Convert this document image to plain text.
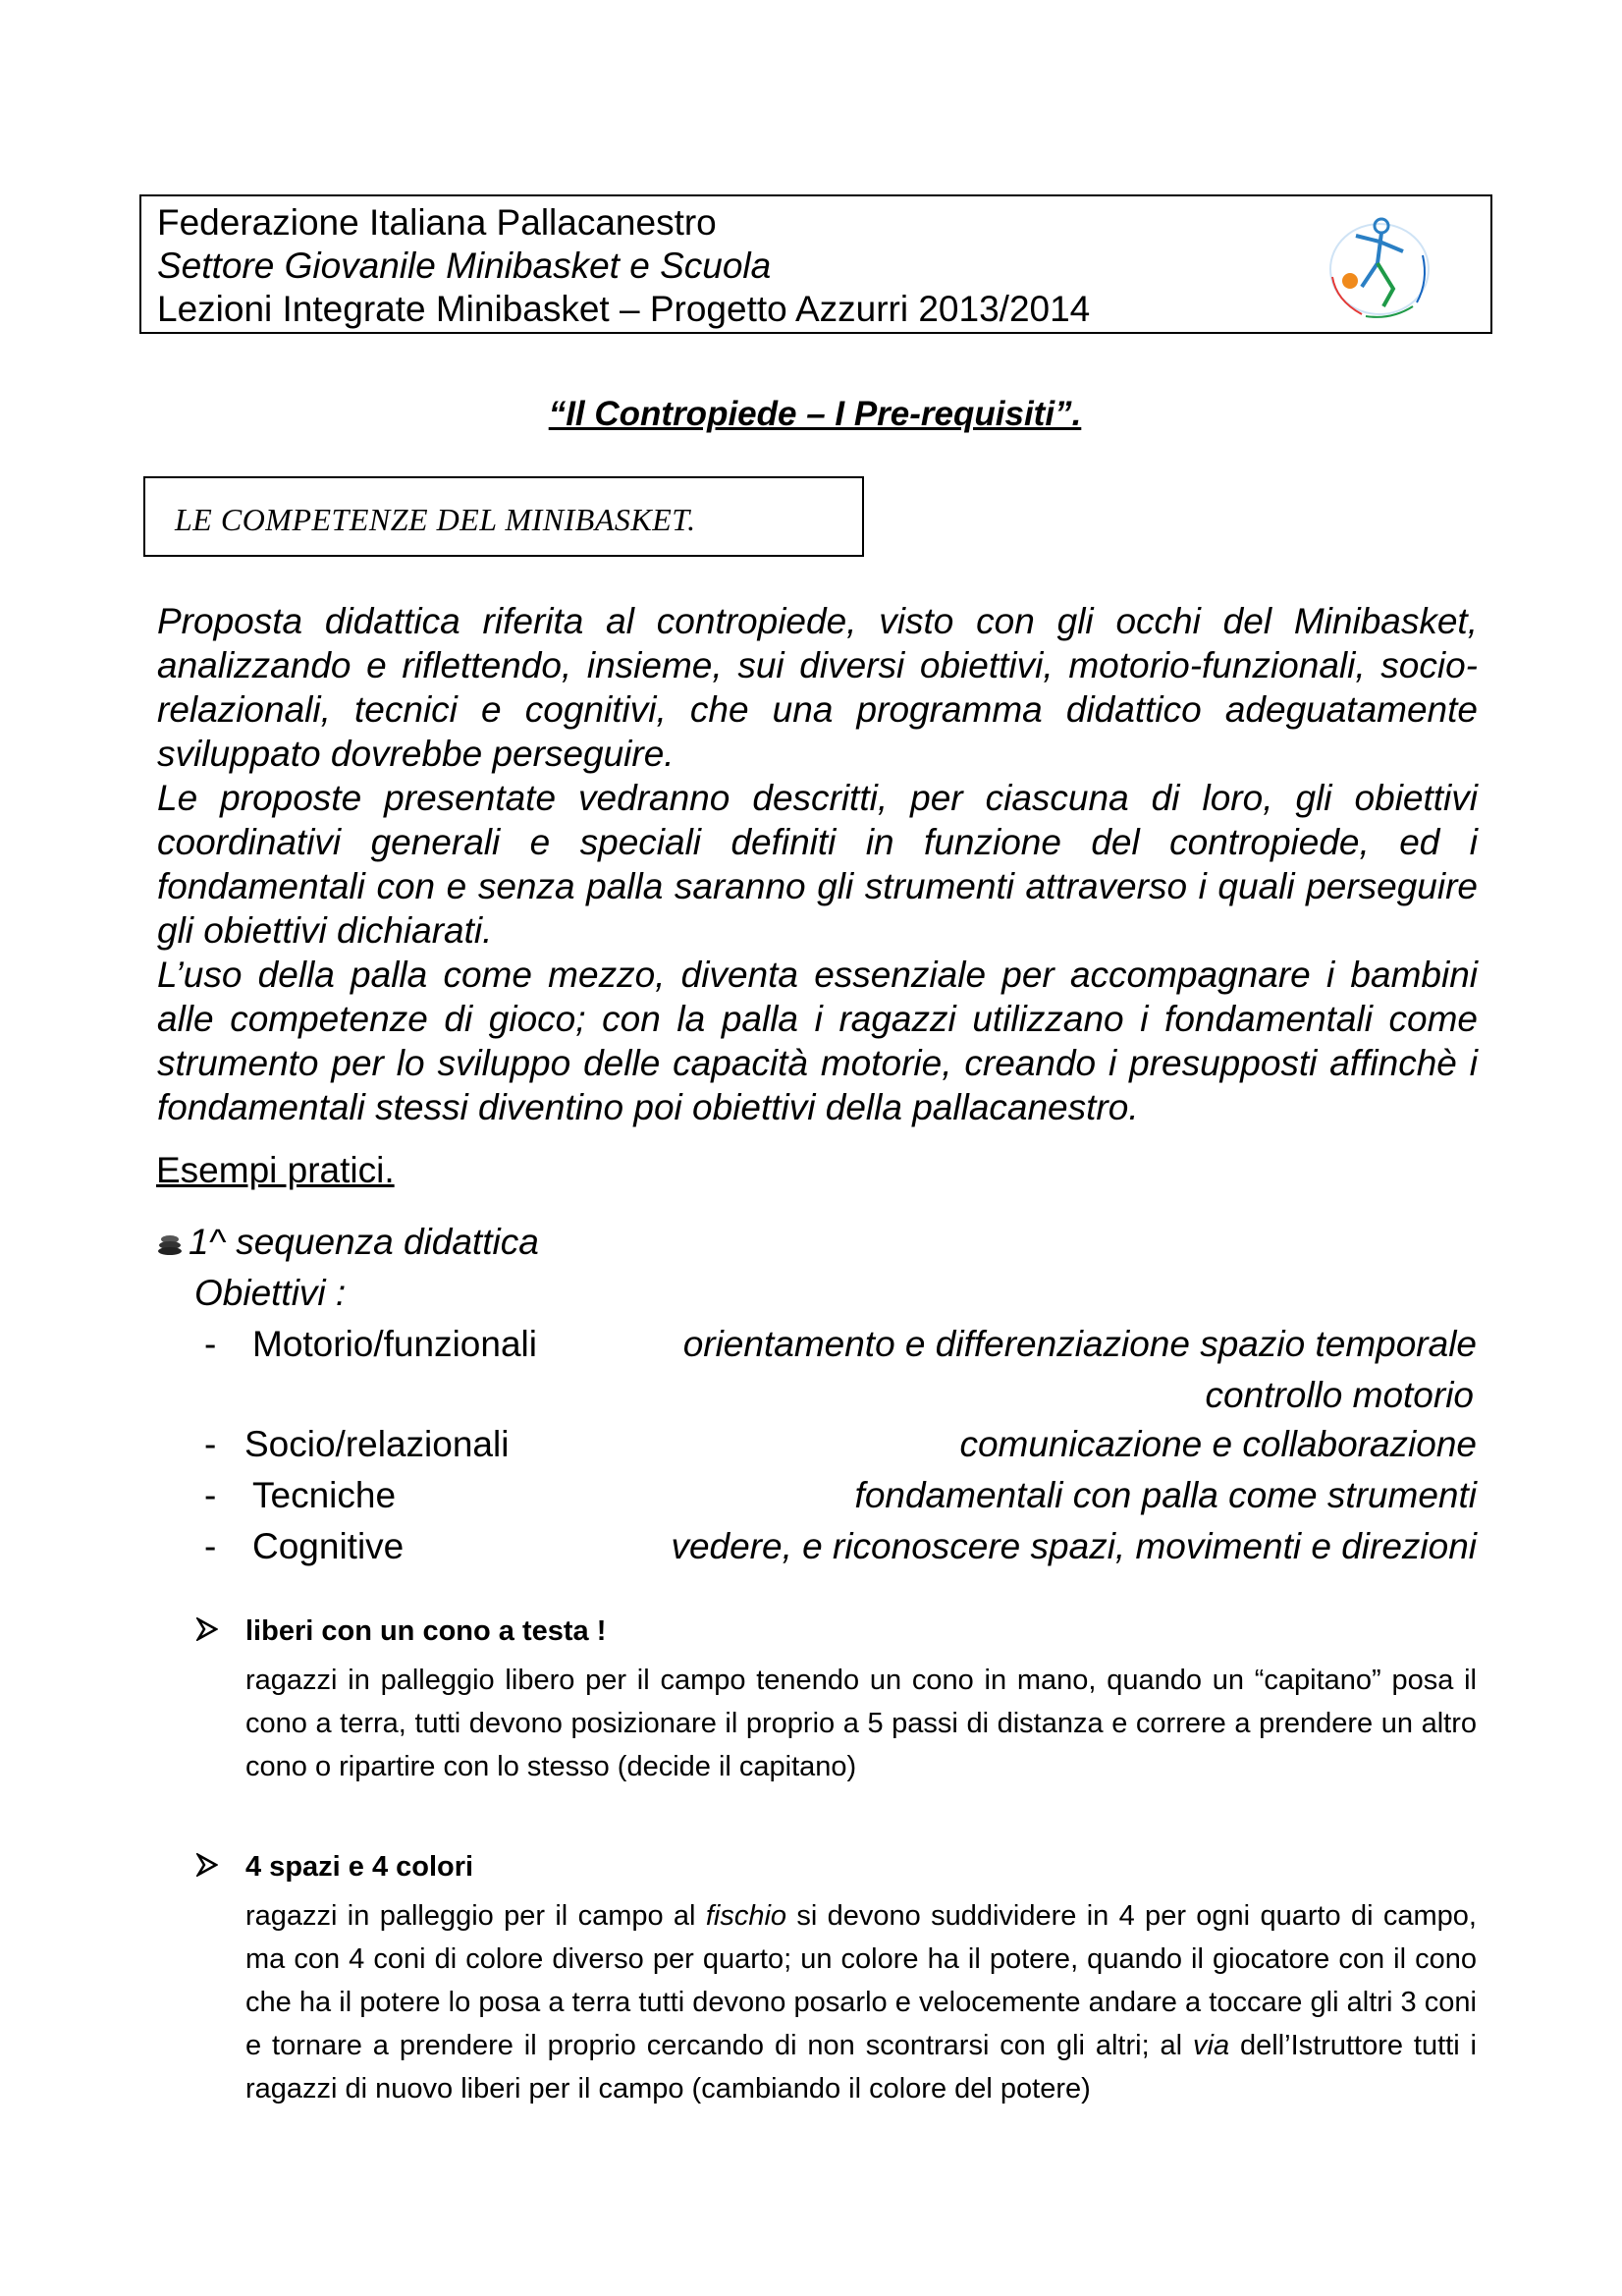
Federazione Italiana Pallacanestro
Settore Giovanile Minibasket e Scuola
Lezioni Integrate Minibasket – Progetto Azzurri 2013/2014
“Il Contropiede – I Pre-requisiti”.
LE COMPETENZE DEL MINIBASKET.

Proposta didattica riferita al contropiede, visto con gli occhi del Minibasket, analizzando e riflettendo, insieme, sui diversi obiettivi, motorio-funzionali, socio-relazionali, tecnici e cognitivi, che una programma didattico adeguatamente sviluppato dovrebbe perseguire.

Le proposte presentate vedranno descritti, per ciascuna di loro, gli obiettivi coordinativi generali e speciali definiti in funzione del contropiede, ed i fondamentali con e senza palla saranno gli strumenti attraverso i quali perseguire gli obiettivi dichiarati.

L’uso della palla come mezzo, diventa essenziale per accompagnare i bambini alle competenze di gioco; con la palla i ragazzi utilizzano i fondamentali come strumento per lo sviluppo delle capacità motorie, creando i presupposti affinchè i fondamentali stessi diventino poi obiettivi della pallacanestro.

Esempi pratici.
1^ sequenza didattica
Obiettivi :
- Motorio/funzionali	orientamento e differenziazione spazio temporale
controllo motorio
- Socio/relazionali	comunicazione e collaborazione
- Tecniche	fondamentali con palla come strumenti
- Cognitive	vedere, e riconoscere spazi, movimenti e direzioni
liberi con un cono a testa !
ragazzi in palleggio libero per il campo tenendo un cono in mano, quando un “capitano” posa il cono a terra, tutti devono posizionare il proprio a 5 passi di distanza e correre a prendere un altro cono o ripartire con lo stesso (decide il capitano)
4 spazi e 4 colori
ragazzi in palleggio per il campo al fischio si devono suddividere in 4 per ogni quarto di campo, ma con 4 coni di colore diverso per quarto; un colore ha il potere, quando il giocatore con il cono che ha il potere lo posa a terra tutti devono posarlo e velocemente andare a toccare gli altri 3 coni e tornare a prendere il proprio cercando di non scontrarsi con gli altri; al via dell’Istruttore tutti i ragazzi di nuovo liberi per il campo (cambiando il colore del potere)
